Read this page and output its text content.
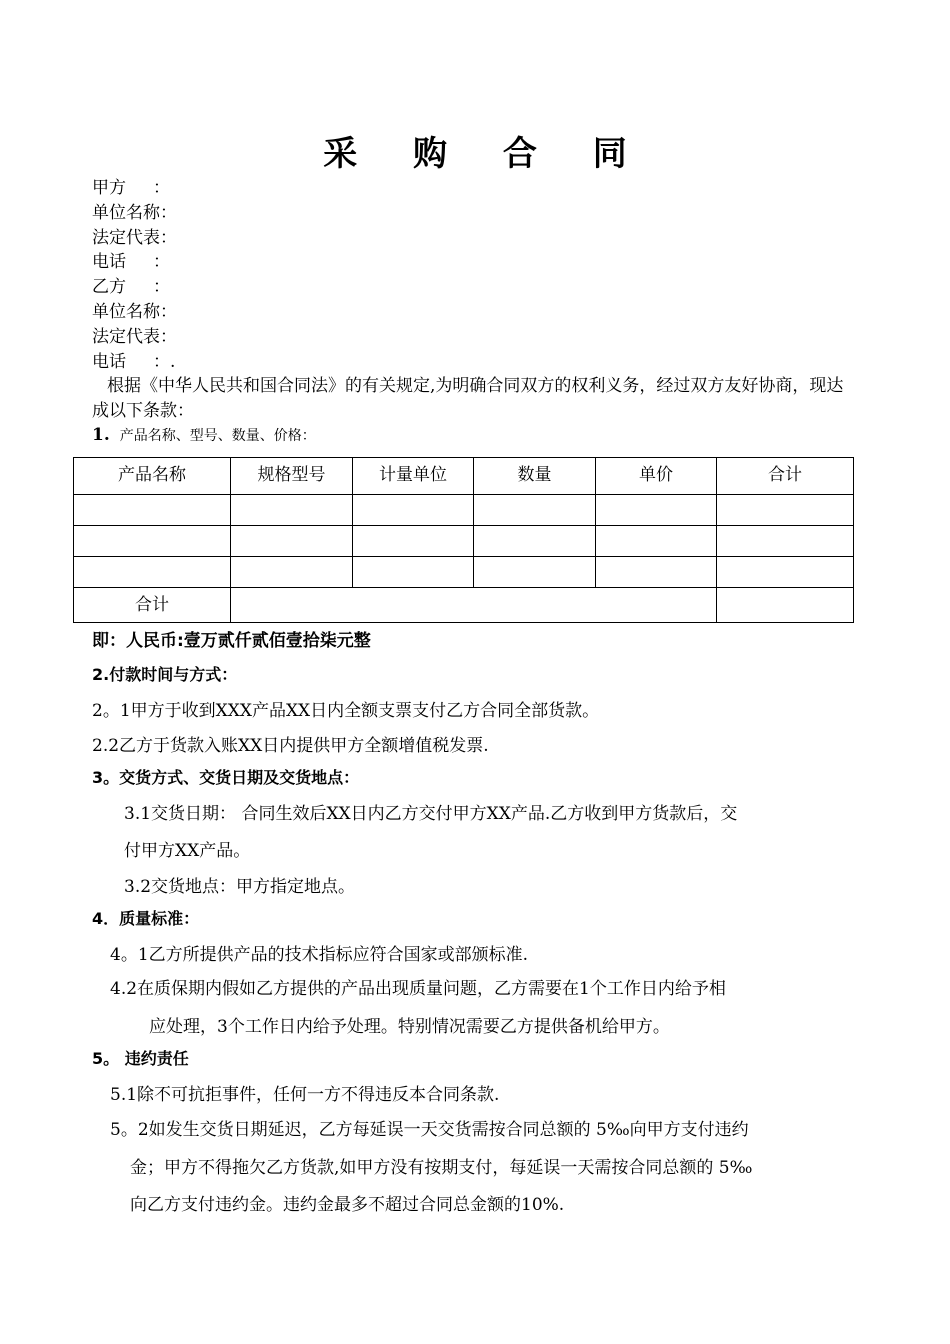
采 购 合 同
甲方     ：
单位名称：
法定代表：
电话     ：
乙方     ：
单位名称：
法定代表：
电话     ：.
根据《中华人民共和国合同法》的有关规定,为明确合同双方的权利义务，经过双方友好协商，现达成以下条款：
1. 产品名称、型号、数量、价格：
产品名称	规格型号	计量单位	数量	单价	合计

合计					
即：人民币:壹万贰仟贰佰壹拾柒元整
2.付款时间与方式：
2。1甲方于收到XXX产品XX日内全额支票支付乙方合同全部货款。
2.2乙方于货款入账XX日内提供甲方全额增值税发票.
3。交货方式、交货日期及交货地点：
3.1交货日期： 合同生效后XX日内乙方交付甲方XX产品.乙方收到甲方货款后，交
付甲方XX产品。
3.2交货地点：甲方指定地点。
4．质量标准：
4。1乙方所提供产品的技术指标应符合国家或部颁标准.
4.2在质保期内假如乙方提供的产品出现质量问题，乙方需要在1个工作日内给予相
应处理，3个工作日内给予处理。特别情况需要乙方提供备机给甲方。
5。 违约责任
5.1除不可抗拒事件，任何一方不得违反本合同条款.
5。2如发生交货日期延迟，乙方每延误一天交货需按合同总额的 5‰向甲方支付违约
金；甲方不得拖欠乙方货款,如甲方没有按期支付，每延误一天需按合同总额的 5‰
向乙方支付违约金。违约金最多不超过合同总金额的10%.
